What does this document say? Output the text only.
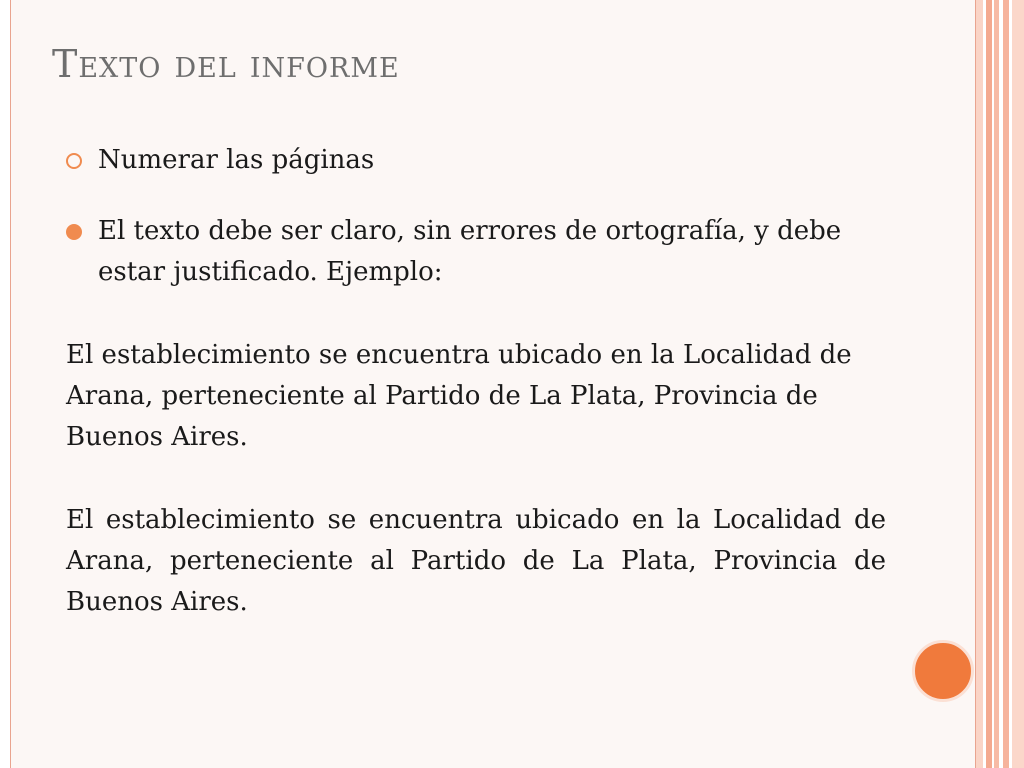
Texto del informe
Numerar las páginas
El texto debe ser claro, sin errores de ortografía, y debe estar justificado. Ejemplo:

El establecimiento se encuentra ubicado en la Localidad de Arana, perteneciente al Partido de La Plata, Provincia de Buenos Aires.

El establecimiento se encuentra ubicado en la Localidad de Arana, perteneciente al Partido de La Plata, Provincia de Buenos Aires.
